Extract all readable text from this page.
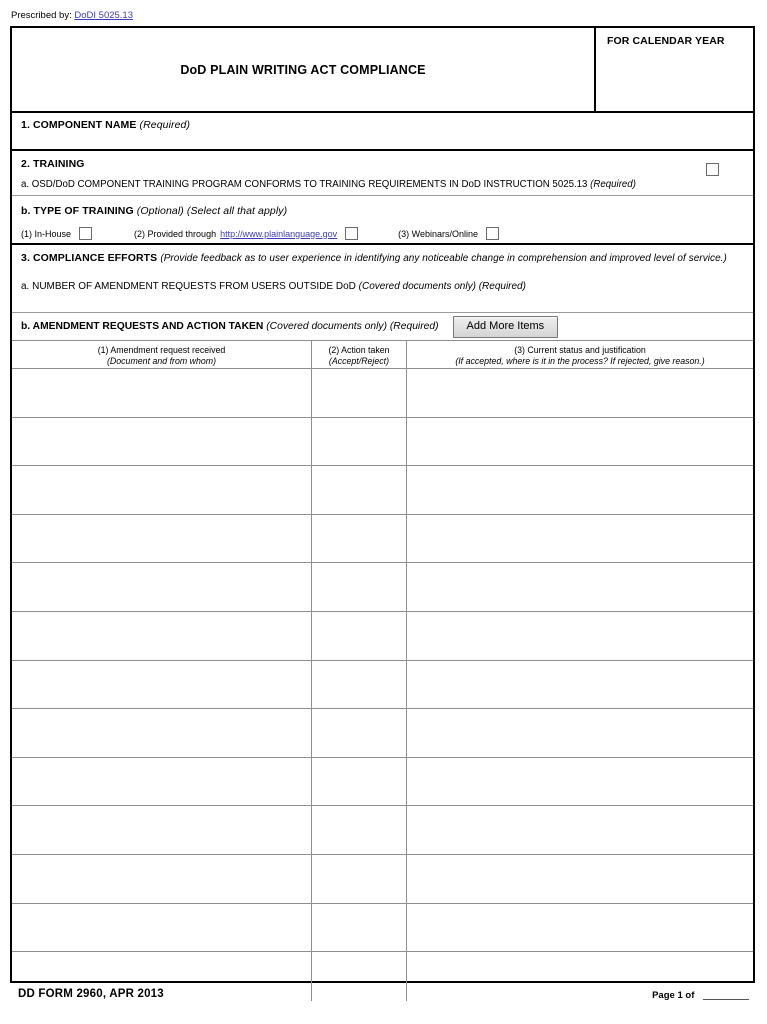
Prescribed by: DoDI 5025.13
DoD PLAIN WRITING ACT COMPLIANCE
FOR CALENDAR YEAR
1. COMPONENT NAME (Required)
2. TRAINING
a. OSD/DoD COMPONENT TRAINING PROGRAM CONFORMS TO TRAINING REQUIREMENTS IN DoD INSTRUCTION 5025.13 (Required)
b. TYPE OF TRAINING (Optional) (Select all that apply)
(1) In-House	(2) Provided through http://www.plainlanguage.gov	(3) Webinars/Online
3. COMPLIANCE EFFORTS (Provide feedback as to user experience in identifying any noticeable change in comprehension and improved level of service.)
a. NUMBER OF AMENDMENT REQUESTS FROM USERS OUTSIDE DoD (Covered documents only) (Required)
b. AMENDMENT REQUESTS AND ACTION TAKEN (Covered documents only) (Required)	Add More Items
(1) Amendment request received
(Document and from whom)
(2) Action taken
(Accept/Reject)
(3) Current status and justification
(If accepted, where is it in the process? If rejected, give reason.)
DD FORM 2960, APR 2013	Page 1 of
